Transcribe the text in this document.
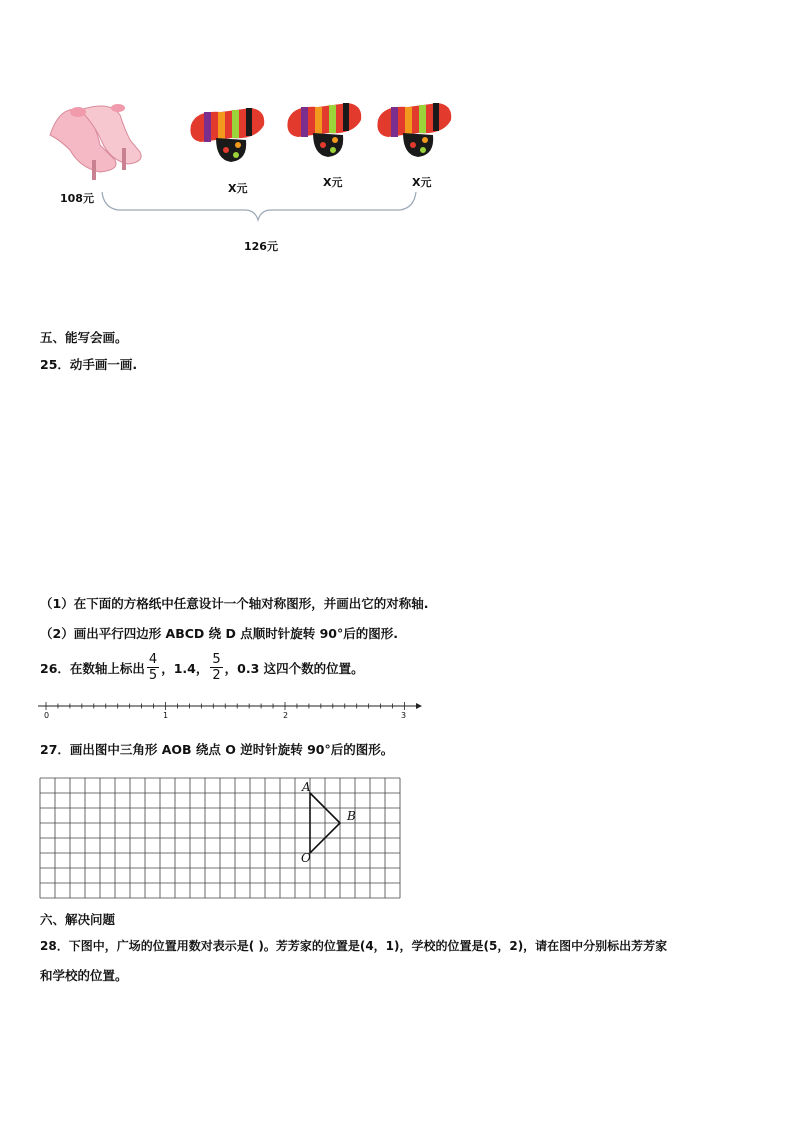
108元
X元	X元	X元
126元
五、能写会画。
25．动手画一画.
（1）在下面的方格纸中任意设计一个轴对称图形，并画出它的对称轴.
（2）画出平行四边形 ABCD 绕 D 点顺时针旋转 90°后的图形.
26．在数轴上标出 $\frac{4}{5}$ ，1.4， $\frac{5}{2}$ ，0.3 这四个数的位置。
0	1	2	3
27．画出图中三角形 AOB 绕点 O 逆时针旋转 90°后的图形。
A
B
O
六、解决问题
28．下图中，广场的位置用数对表示是( )。芳芳家的位置是(4，1)，学校的位置是(5，2)，请在图中分别标出芳芳家
和学校的位置。
